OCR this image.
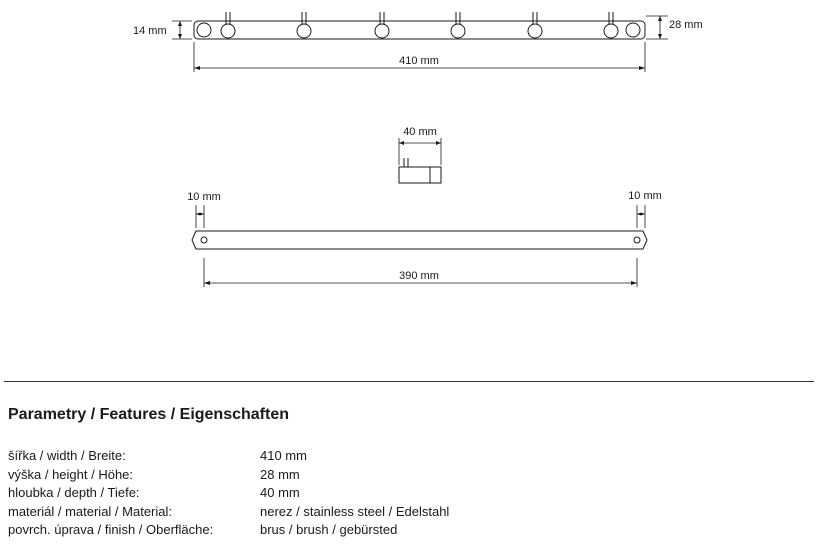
14 mm	28 mm
410 mm
40 mm
10 mm	10 mm
390 mm
Parametry / Features / Eigenschaften
šířka / width / Breite:	410 mm
výška / height / Höhe:	28 mm
hloubka / depth / Tiefe:	40 mm
materiál / material / Material:	nerez / stainless steel / Edelstahl
povrch. úprava / finish / Oberfläche:	brus / brush / gebürsted
